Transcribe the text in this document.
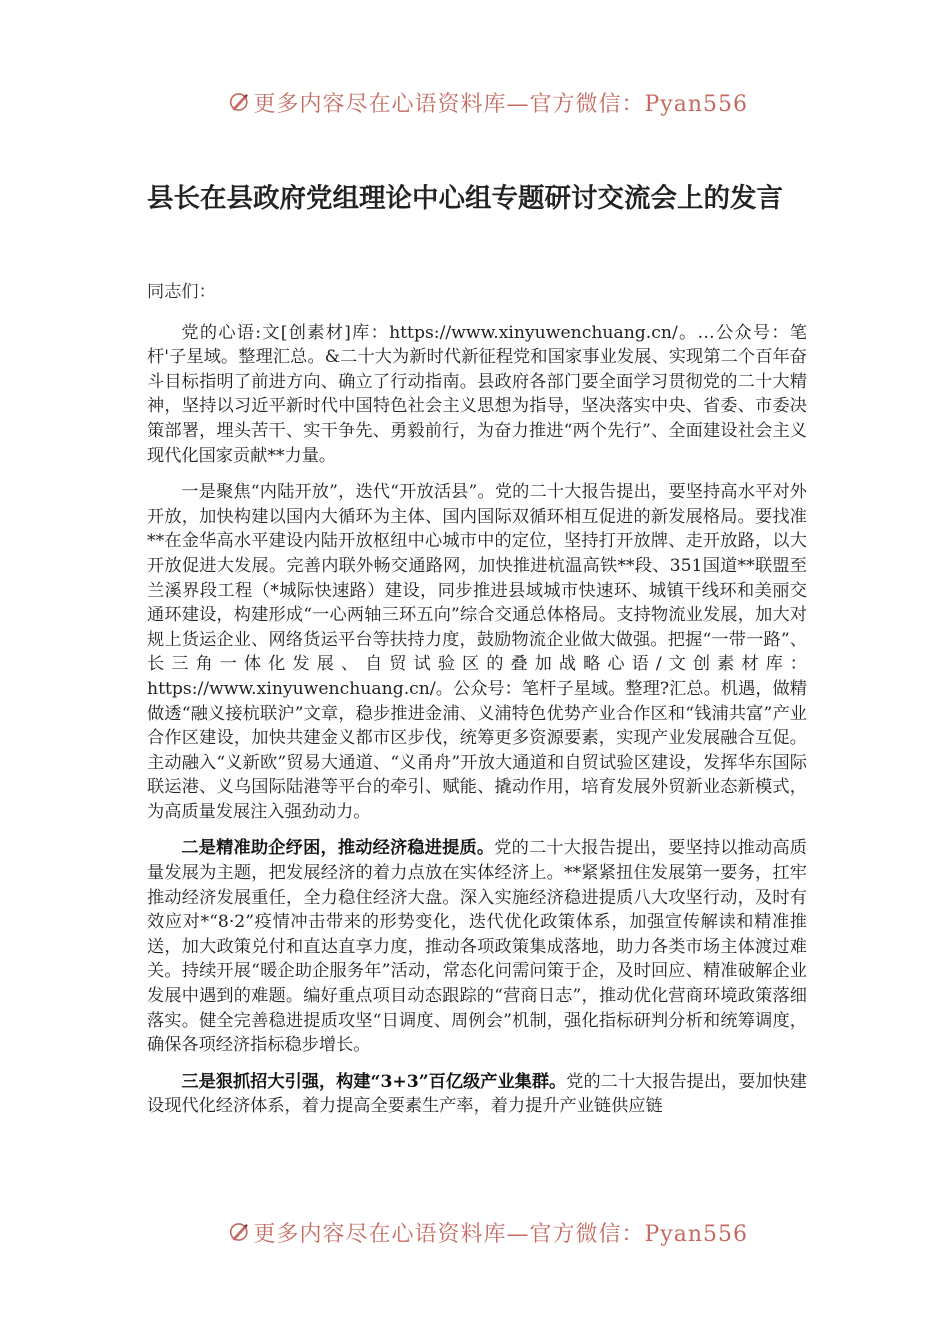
更多内容尽在心语资料库—官方微信：Pyan556
县长在县政府党组理论中心组专题研讨交流会上的发言

同志们：

党的心语:文[创素材]库：https://www.xinyuwenchuang.cn/。…公众号：笔杆'子星域。整理汇总。&二十大为新时代新征程党和国家事业发展、实现第二个百年奋斗目标指明了前进方向、确立了行动指南。县政府各部门要全面学习贯彻党的二十大精神，坚持以习近平新时代中国特色社会主义思想为指导，坚决落实中央、省委、市委决策部署，埋头苦干、实干争先、勇毅前行，为奋力推进“两个先行”、全面建设社会主义现代化国家贡献**力量。

一是聚焦“内陆开放”，迭代“开放活县”。党的二十大报告提出，要坚持高水平对外开放，加快构建以国内大循环为主体、国内国际双循环相互促进的新发展格局。要找准**在金华高水平建设内陆开放枢纽中心城市中的定位，坚持打开放牌、走开放路，以大开放促进大发展。完善内联外畅交通路网，加快推进杭温高铁**段、351国道**联盟至兰溪界段工程（*城际快速路）建设，同步推进县域城市快速环、城镇干线环和美丽交通环建设，构建形成“一心两轴三环五向”综合交通总体格局。支持物流业发展，加大对规上货运企业、网络货运平台等扶持力度，鼓励物流企业做大做强。把握“一带一路”、长三角一体化发展、自贸试验区的叠加战略心语/文创素材库：https://www.xinyuwenchuang.cn/。公众号：笔杆子星域。整理?汇总。机遇，做精做透“融义接杭联沪”文章，稳步推进金浦、义浦特色优势产业合作区和“钱浦共富”产业合作区建设，加快共建金义都市区步伐，统筹更多资源要素，实现产业发展融合互促。主动融入“义新欧”贸易大通道、“义甬舟”开放大通道和自贸试验区建设，发挥华东国际联运港、义乌国际陆港等平台的牵引、赋能、撬动作用，培育发展外贸新业态新模式，为高质量发展注入强劲动力。

二是精准助企纾困，推动经济稳进提质。党的二十大报告提出，要坚持以推动高质量发展为主题，把发展经济的着力点放在实体经济上。**紧紧扭住发展第一要务，扛牢推动经济发展重任，全力稳住经济大盘。深入实施经济稳进提质八大攻坚行动，及时有效应对*“8·2”疫情冲击带来的形势变化，迭代优化政策体系，加强宣传解读和精准推送，加大政策兑付和直达直享力度，推动各项政策集成落地，助力各类市场主体渡过难关。持续开展“暖企助企服务年”活动，常态化问需问策于企，及时回应、精准破解企业发展中遇到的难题。编好重点项目动态跟踪的“营商日志”，推动优化营商环境政策落细落实。健全完善稳进提质攻坚“日调度、周例会”机制，强化指标研判分析和统筹调度，确保各项经济指标稳步增长。

三是狠抓招大引强，构建“3+3”百亿级产业集群。党的二十大报告提出，要加快建设现代化经济体系，着力提高全要素生产率，着力提升产业链供应链

更多内容尽在心语资料库—官方微信：Pyan556
